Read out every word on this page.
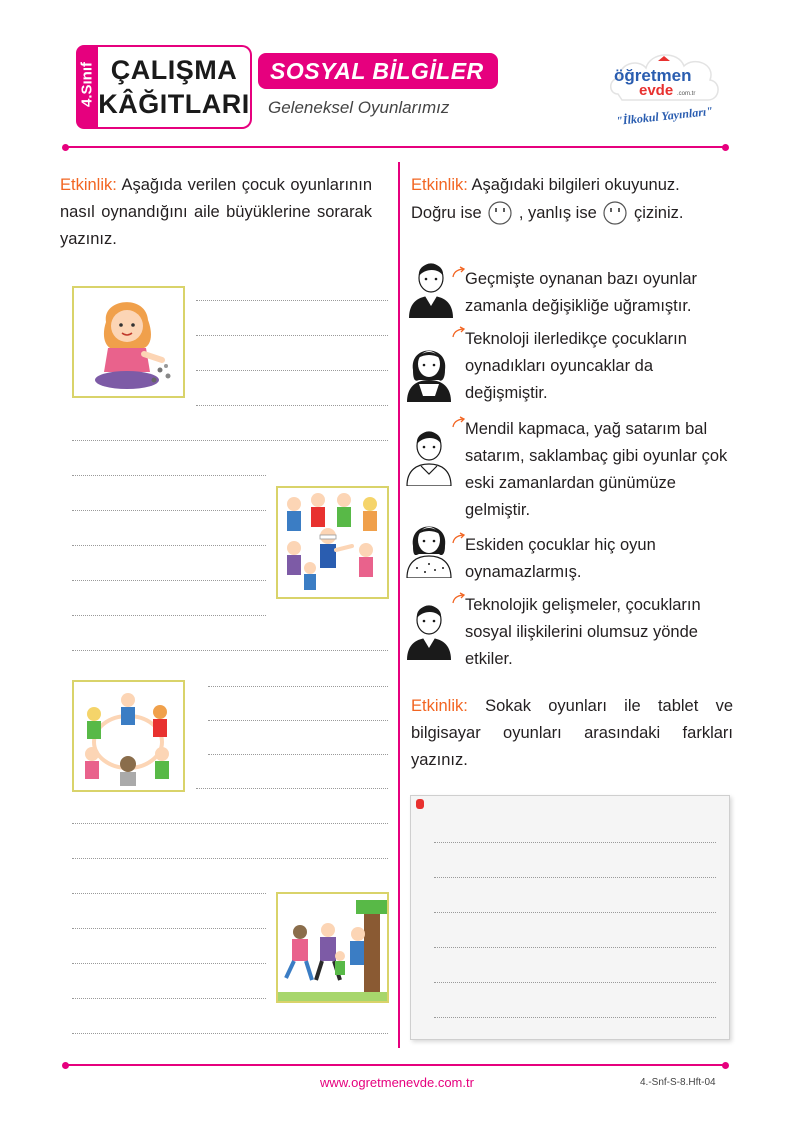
4.Sınıf ÇALIŞMA
KÂĞITLARI
SOSYAL BİLGİLER
Geleneksel Oyunlarımız
öğretmen
evde .com.tr
"İlkokul Yayınları"
Etkinlik: Aşağıda verilen çocuk oyunlarının nasıl oynandığını aile büyüklerine sorarak yazınız.
Etkinlik: Aşağıdaki bilgileri okuyunuz.
Doğru ise , yanlış ise çiziniz.
Geçmişte oynanan bazı oyunlar zamanla değişikliğe uğramıştır.
Teknoloji ilerledikçe çocukların oynadıkları oyuncaklar da değişmiştir.
Mendil kapmaca, yağ satarım bal satarım, saklambaç gibi oyunlar çok eski zamanlardan günümüze gelmiştir.
Eskiden çocuklar hiç oyun oynamazlarmış.
Teknolojik gelişmeler, çocukların sosyal ilişkilerini olumsuz yönde etkiler.
Etkinlik: Sokak oyunları ile tablet ve bilgisayar oyunları arasındaki farkları yazınız.
www.ogretmenevde.com.tr	4.-Snf-S-8.Hft-04
